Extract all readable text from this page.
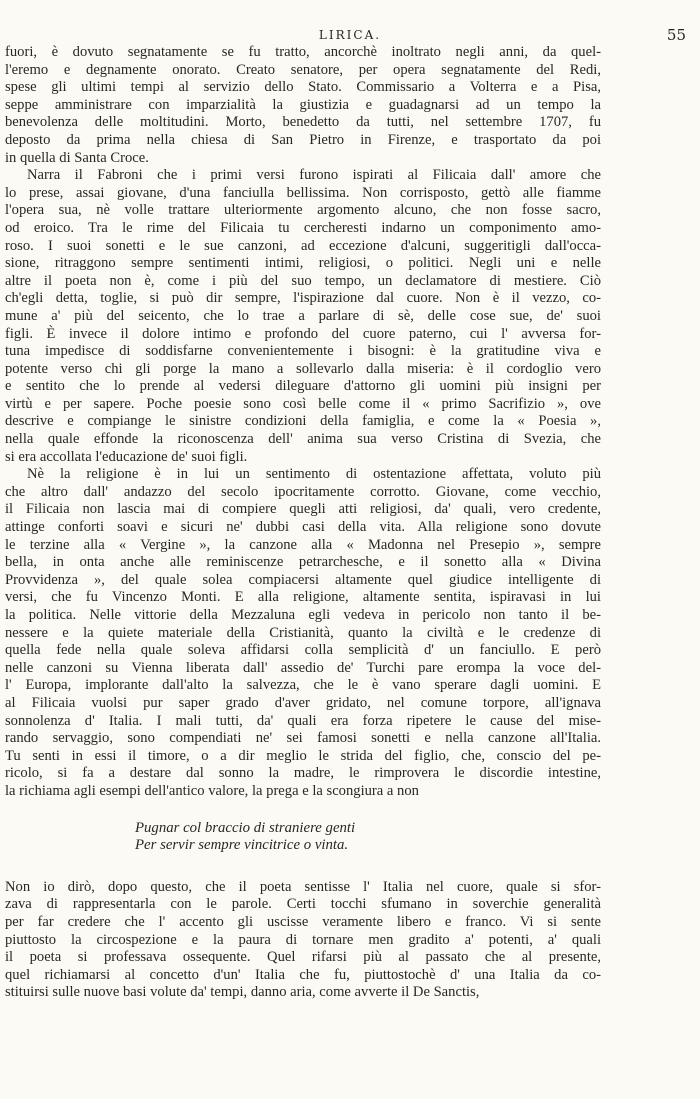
LIRICA.	55
fuori, è dovuto segnatamente se fu tratto, ancorchè inoltrato negli anni, da quel-
l'eremo e degnamente onorato. Creato senatore, per opera segnatamente del Redi,
spese gli ultimi tempi al servizio dello Stato. Commissario a Volterra e a Pisa,
seppe amministrare con imparzialità la giustizia e guadagnarsi ad un tempo la
benevolenza delle moltitudini. Morto, benedetto da tutti, nel settembre 1707, fu
deposto da prima nella chiesa di San Pietro in Firenze, e trasportato da poi
in quella di Santa Croce.
Narra il Fabroni che i primi versi furono ispirati al Filicaia dall' amore che
lo prese, assai giovane, d'una fanciulla bellissima. Non corrisposto, gettò alle fiamme
l'opera sua, nè volle trattare ulteriormente argomento alcuno, che non fosse sacro,
od eroico. Tra le rime del Filicaia tu cercheresti indarno un componimento amo-
roso. I suoi sonetti e le sue canzoni, ad eccezione d'alcuni, suggeritigli dall'occa-
sione, ritraggono sempre sentimenti intimi, religiosi, o politici. Negli uni e nelle
altre il poeta non è, come i più del suo tempo, un declamatore di mestiere. Ciò
ch'egli detta, toglie, si può dir sempre, l'ispirazione dal cuore. Non è il vezzo, co-
mune a' più del seicento, che lo trae a parlare di sè, delle cose sue, de' suoi
figli. È invece il dolore intimo e profondo del cuore paterno, cui l' avversa for-
tuna impedisce di soddisfarne convenientemente i bisogni: è la gratitudine viva e
potente verso chi gli porge la mano a sollevarlo dalla miseria: è il cordoglio vero
e sentito che lo prende al vedersi dileguare d'attorno gli uomini più insigni per
virtù e per sapere. Poche poesie sono così belle come il « primo Sacrifizio », ove
descrive e compiange le sinistre condizioni della famiglia, e come la « Poesia »,
nella quale effonde la riconoscenza dell' anima sua verso Cristina di Svezia, che
si era accollata l'educazione de' suoi figli.
Nè la religione è in lui un sentimento di ostentazione affettata, voluto più
che altro dall' andazzo del secolo ipocritamente corrotto. Giovane, come vecchio,
il Filicaia non lascia mai di compiere quegli atti religiosi, da' quali, vero credente,
attinge conforti soavi e sicuri ne' dubbi casi della vita. Alla religione sono dovute
le terzine alla « Vergine », la canzone alla « Madonna nel Presepio », sempre
bella, in onta anche alle reminiscenze petrarchesche, e il sonetto alla « Divina
Provvidenza », del quale solea compiacersi altamente quel giudice intelligente di
versi, che fu Vincenzo Monti. E alla religione, altamente sentita, ispiravasi in lui
la politica. Nelle vittorie della Mezzaluna egli vedeva in pericolo non tanto il be-
nessere e la quiete materiale della Cristianità, quanto la civiltà e le credenze di
quella fede nella quale soleva affidarsi colla semplicità d' un fanciullo. E però
nelle canzoni su Vienna liberata dall' assedio de' Turchi pare erompa la voce del-
l' Europa, implorante dall'alto la salvezza, che le è vano sperare dagli uomini. E
al Filicaia vuolsi pur saper grado d'aver gridato, nel comune torpore, all'ignava
sonnolenza d' Italia. I mali tutti, da' quali era forza ripetere le cause del mise-
rando servaggio, sono compendiati ne' sei famosi sonetti e nella canzone all'Italia.
Tu senti in essi il timore, o a dir meglio le strida del figlio, che, conscio del pe-
ricolo, si fa a destare dal sonno la madre, le rimprovera le discordie intestine,
la richiama agli esempi dell'antico valore, la prega e la scongiura a non
Pugnar col braccio di straniere genti
Per servir sempre vincitrice o vinta.
Non io dirò, dopo questo, che il poeta sentisse l' Italia nel cuore, quale si sfor-
zava di rappresentarla con le parole. Certi tocchi sfumano in soverchie generalità
per far credere che l' accento gli uscisse veramente libero e franco. Vi si sente
piuttosto la circospezione e la paura di tornare men gradito a' potenti, a' quali
il poeta si professava ossequente. Quel rifarsi più al passato che al presente,
quel richiamarsi al concetto d'un' Italia che fu, piuttostochè d' una Italia da co-
stituirsi sulle nuove basi volute da' tempi, danno aria, come avverte il De Sanctis,
